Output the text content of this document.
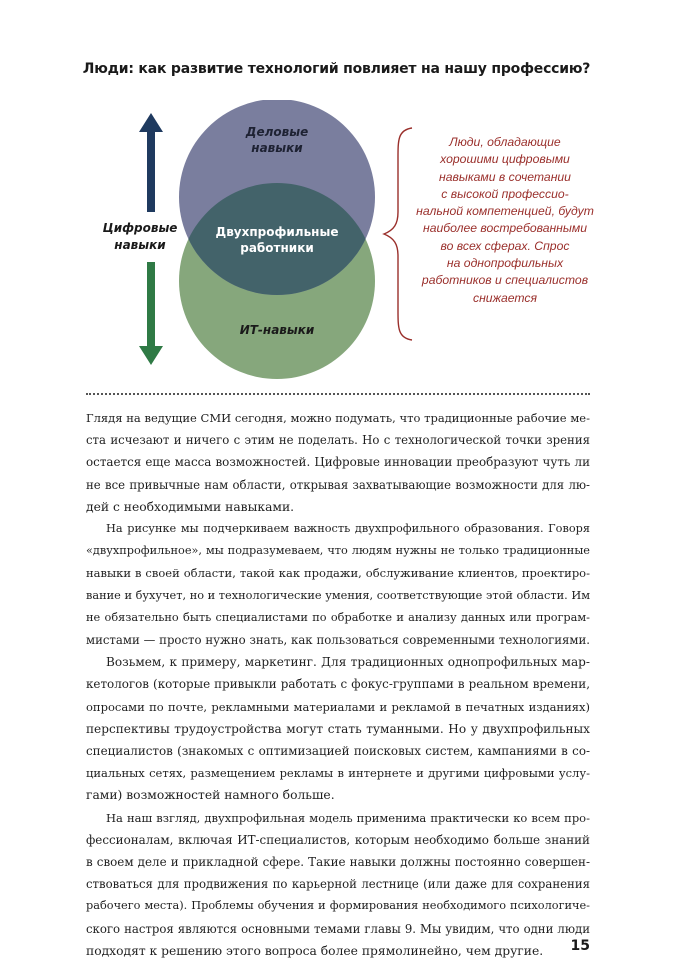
Люди: как развитие технологий повлияет на нашу профессию?
Деловые
навыки
Двухпрофильные
работники
ИТ-навыки
Цифровые
навыки
Люди, обладающие
хорошими цифровыми
навыками в сочетании
с высокой профессио-
нальной компетенцией, будут
наиболее востребованными
во всех сферах. Спрос
на однопрофильных
работников и специалистов
снижается

Глядя на ведущие СМИ сегодня, можно подумать, что традиционные рабочие ме-
ста исчезают и ничего с этим не поделать. Но с технологической точки зрения
остается еще масса возможностей. Цифровые инновации преобразуют чуть ли
не все привычные нам области, открывая захватывающие возможности для лю-
дей с необходимыми навыками.

На рисунке мы подчеркиваем важность двухпрофильного образования. Говоря
«двухпрофильное», мы подразумеваем, что людям нужны не только традиционные
навыки в своей области, такой как продажи, обслуживание клиентов, проектиро-
вание и бухучет, но и технологические умения, соответствующие этой области. Им
не обязательно быть специалистами по обработке и анализу данных или програм-
мистами — просто нужно знать, как пользоваться современными технологиями.

Возьмем, к примеру, маркетинг. Для традиционных однопрофильных мар-
кетологов (которые привыкли работать с фокус-группами в реальном времени,
опросами по почте, рекламными материалами и рекламой в печатных изданиях)
перспективы трудоустройства могут стать туманными. Но у двухпрофильных
специалистов (знакомых с оптимизацией поисковых систем, кампаниями в со-
циальных сетях, размещением рекламы в интернете и другими цифровыми услу-
гами) возможностей намного больше.

На наш взгляд, двухпрофильная модель применима практически ко всем про-
фессионалам, включая ИТ-специалистов, которым необходимо больше знаний
в своем деле и прикладной сфере. Такие навыки должны постоянно совершен-
ствоваться для продвижения по карьерной лестнице (или даже для сохранения
рабочего места). Проблемы обучения и формирования необходимого психологиче-
ского настроя являются основными темами главы 9. Мы увидим, что одни люди
подходят к решению этого вопроса более прямолинейно, чем другие.	15
